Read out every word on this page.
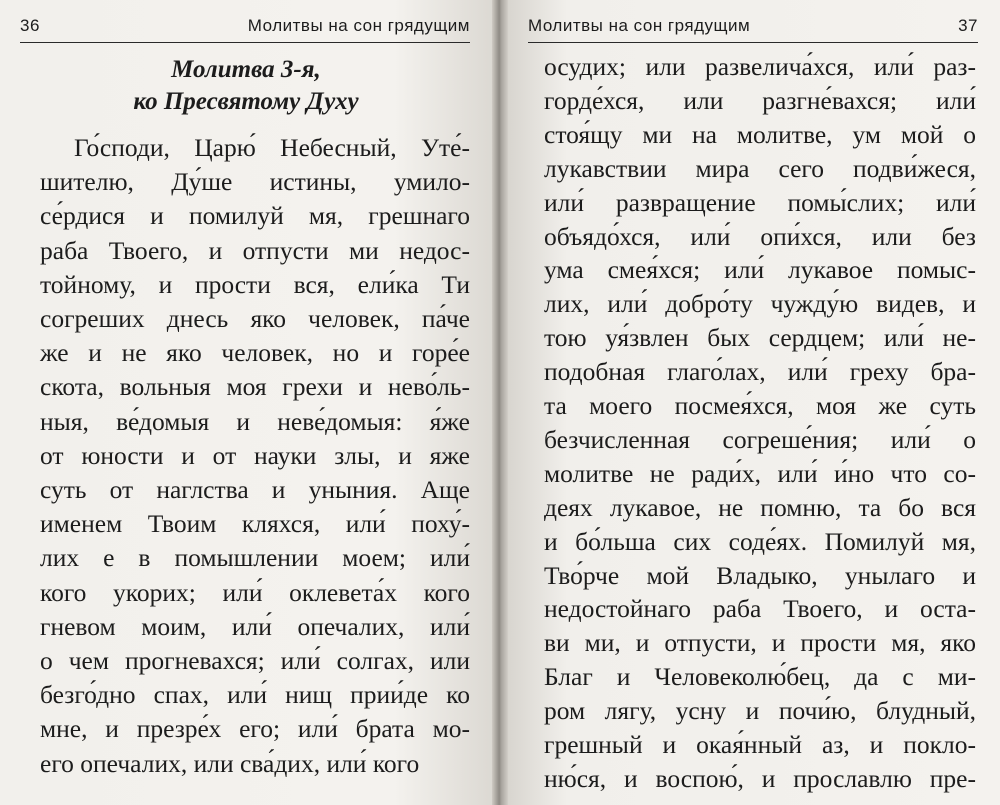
36	Молитвы на сон грядущим
Молитва 3-я,
ко Пресвятому Духу
Го́споди, Царю́ Небесный, Уте́-
шителю, Ду́ше истины, умило-
се́рдися и помилуй мя, грешнаго
раба Твоего, и отпусти ми недос-
тойному, и прости вся, ели́ка Ти
согреших днесь яко человек, па́че
же и не яко человек, но и горе́е
скота, вольныя моя грехи и нево́ль-
ныя, ве́домыя и неве́домыя: я́же
от юности и от науки злы, и яже
суть от наглства и уныния. Аще
именем Твоим кляхся, или́ поху́-
лих е в помышлении моем; или́
кого укорих; или́ оклевета́х кого
гневом моим, или́ опечалих, или́
о чем прогневахся; или́ солгах, или
безго́дно спах, или́ нищ прии́де ко
мне, и презре́х его; или́ брата мо-
его опечалих, или сва́дих, или́ кого
Молитвы на сон грядущим	37
осудих; или развелича́хся, или́ раз-
горде́хся, или разгне́вахся; или́
стоя́щу ми на молитве, ум мой о
лукавствии мира сего подви́жеся,
или́ развращение помы́слих; или́
объядо́хся, или́ опи́хся, или без
ума смея́хся; или́ лукавое помыс-
лих, или́ добро́ту чужду́ю видев, и
тою уя́звлен бых сердцем; или́ не-
подобная глаго́лах, или́ греху бра-
та моего посмея́хся, моя же суть
безчисленная согреше́ния; или́ о
молитве не ради́х, или́ и́но что со-
деях лукавое, не помню, та бо вся
и бо́льша сих соде́ях. Помилуй мя,
Тво́рче мой Владыко, унылаго и
недостойнаго раба Твоего, и оста-
ви ми, и отпусти, и прости мя, яко
Благ и Человеколю́бец, да с ми-
ром лягу, усну и почи́ю, блудный,
грешный и окая́нный аз, и покло-
ню́ся, и воспою́, и прославлю пре-
